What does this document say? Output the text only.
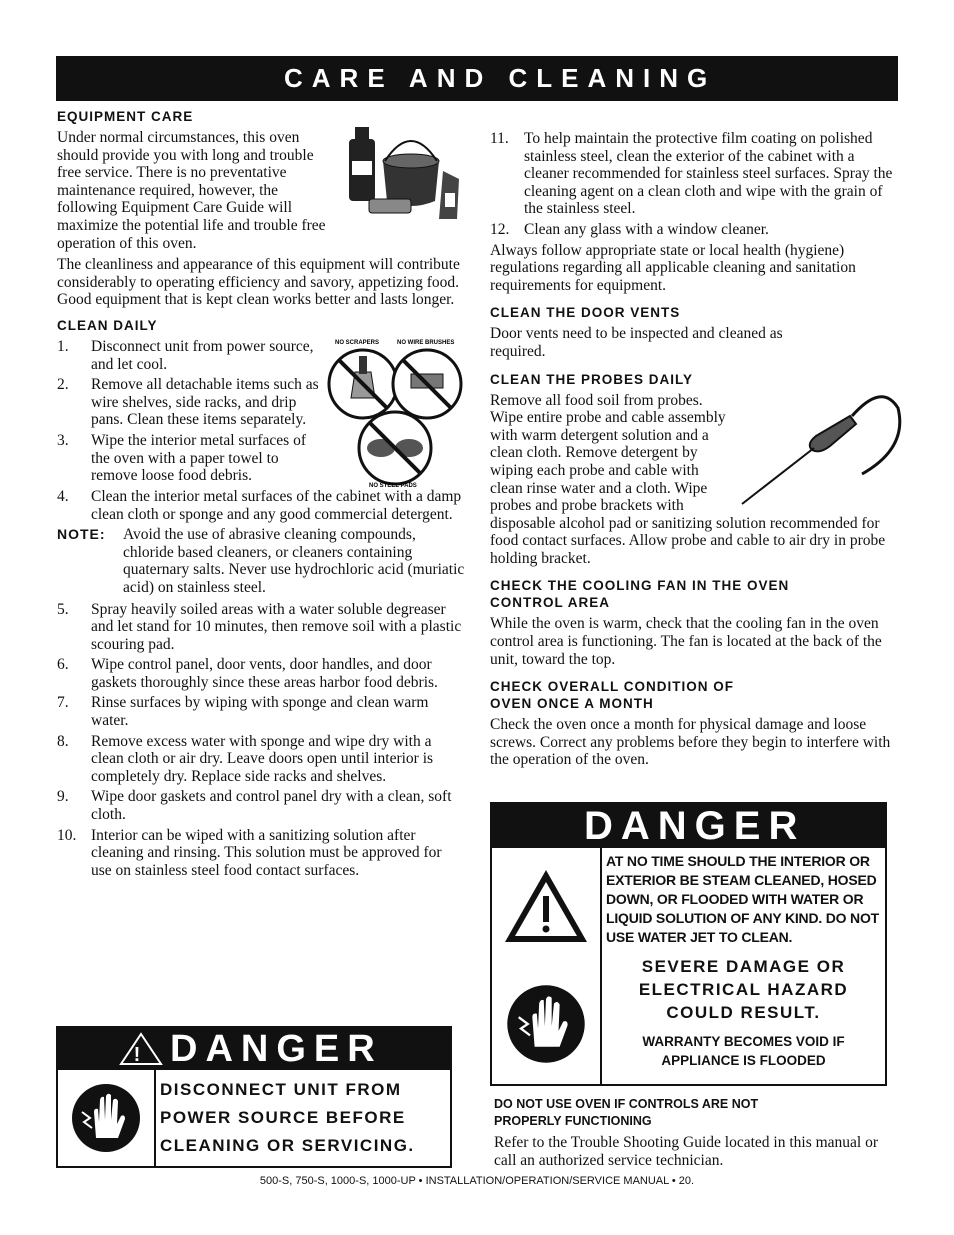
CARE AND CLEANING
EQUIPMENT CARE

Under normal circumstances, this oven should provide you with long and trouble free service. There is no preventative maintenance required, however, the following Equipment Care Guide will maximize the potential life and trouble free operation of this oven.

The cleanliness and appearance of this equipment will contribute considerably to operating efficiency and savory, appetizing food. Good equipment that is kept clean works better and lasts longer.

CLEAN DAILY
NO SCRAPERS	NO WIRE BRUSHES
NO STEEL PADS
1. Disconnect unit from power source, and let cool.
2. Remove all detachable items such as wire shelves, side racks, and drip pans. Clean these items separately.
3. Wipe the interior metal surfaces of the oven with a paper towel to remove loose food debris.
4. Clean the interior metal surfaces of the cabinet with a damp clean cloth or sponge and any good commercial detergent.
NOTE: Avoid the use of abrasive cleaning compounds, chloride based cleaners, or cleaners containing quaternary salts. Never use hydrochloric acid (muriatic acid) on stainless steel.
5. Spray heavily soiled areas with a water soluble degreaser and let stand for 10 minutes, then remove soil with a plastic scouring pad.
6. Wipe control panel, door vents, door handles, and door gaskets thoroughly since these areas harbor food debris.
7. Rinse surfaces by wiping with sponge and clean warm water.
8. Remove excess water with sponge and wipe dry with a clean cloth or air dry. Leave doors open until interior is completely dry. Replace side racks and shelves.
9. Wipe door gaskets and control panel dry with a clean, soft cloth.
10. Interior can be wiped with a sanitizing solution after cleaning and rinsing. This solution must be approved for use on stainless steel food contact surfaces.
! DANGER
DISCONNECT UNIT FROM
POWER SOURCE BEFORE
CLEANING OR SERVICING.
11. To help maintain the protective film coating on polished stainless steel, clean the exterior of the cabinet with a cleaner recommended for stainless steel surfaces. Spray the cleaning agent on a clean cloth and wipe with the grain of the stainless steel.
12. Clean any glass with a window cleaner.

Always follow appropriate state or local health (hygiene) regulations regarding all applicable cleaning and sanitation requirements for equipment.

CLEAN THE DOOR VENTS

Door vents need to be inspected and cleaned as required.

CLEAN THE PROBES DAILY

Remove all food soil from probes. Wipe entire probe and cable assembly with warm detergent solution and a clean cloth. Remove detergent by wiping each probe and cable with clean rinse water and a cloth. Wipe probes and probe brackets with

disposable alcohol pad or sanitizing solution recommended for food contact surfaces. Allow probe and cable to air dry in probe holding bracket.

CHECK THE COOLING FAN IN THE OVEN
CONTROL AREA

While the oven is warm, check that the cooling fan in the oven control area is functioning. The fan is located at the back of the unit, toward the top.

CHECK OVERALL CONDITION OF
OVEN ONCE A MONTH

Check the oven once a month for physical damage and loose screws. Correct any problems before they begin to interfere with the operation of the oven.

DANGER
AT NO TIME SHOULD THE INTERIOR OR EXTERIOR BE STEAM CLEANED, HOSED DOWN, OR FLOODED WITH WATER OR LIQUID SOLUTION OF ANY KIND. DO NOT USE WATER JET TO CLEAN.
SEVERE DAMAGE OR
ELECTRICAL HAZARD
COULD RESULT.
WARRANTY BECOMES VOID IF
APPLIANCE IS FLOODED
DO NOT USE OVEN IF CONTROLS ARE NOT
PROPERLY FUNCTIONING

Refer to the Trouble Shooting Guide located in this manual or call an authorized service technician.

500-S, 750-S, 1000-S, 1000-UP • INSTALLATION/OPERATION/SERVICE MANUAL • 20.
